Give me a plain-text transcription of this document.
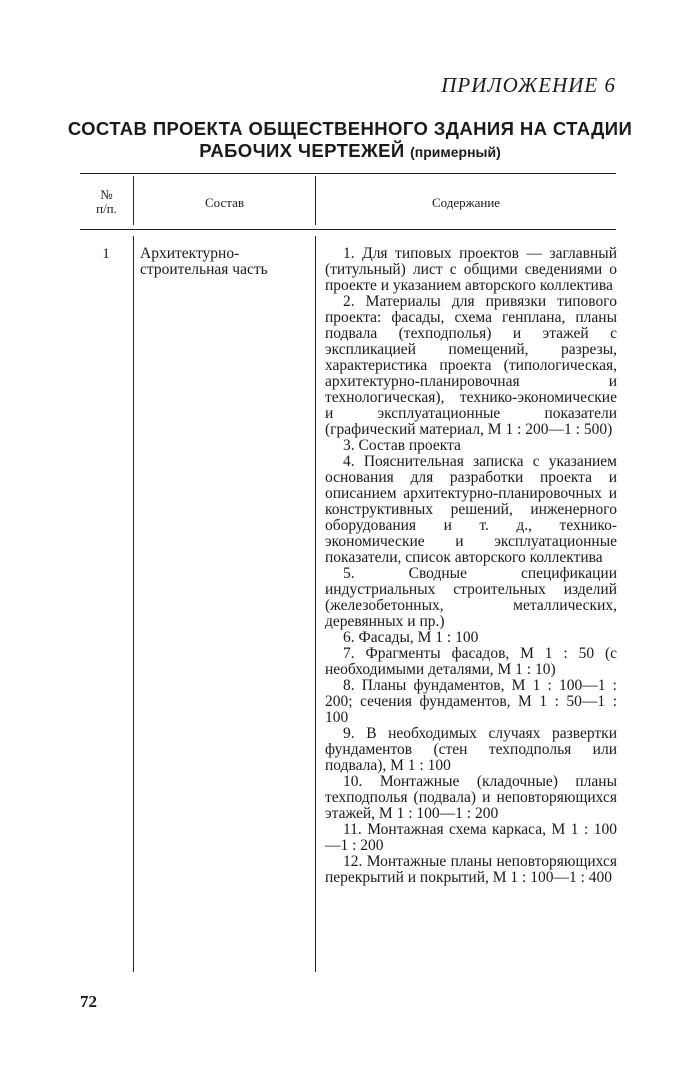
ПРИЛОЖЕНИЕ 6
СОСТАВ ПРОЕКТА ОБЩЕСТВЕННОГО ЗДАНИЯ НА СТАДИИ
РАБОЧИХ ЧЕРТЕЖЕЙ (примерный)
№
п/п.	Состав	Содержание
1	Архитектурно-строительная часть

1. Для типовых проектов — заглавный (титульный) лист с общими сведениями о проекте и указанием авторского коллектива

2. Материалы для привязки типового проекта: фасады, схема генплана, планы подвала (техподполья) и этажей с экспликацией помещений, разрезы, характеристика проекта (типологическая, архитектурно-планировочная и технологическая), технико-экономические и эксплуатационные показатели (графический материал, М 1 : 200—1 : 500)

3. Состав проекта

4. Пояснительная записка с указанием основания для разработки проекта и описанием архитектурно-планировочных и конструктивных решений, инженерного оборудования и т. д., технико-экономические и эксплуатационные показатели, список авторского коллектива

5. Сводные спецификации индустриальных строительных изделий (железобетонных, металлических, деревянных и пр.)

6. Фасады, М 1 : 100

7. Фрагменты фасадов, М 1 : 50 (с необходимыми деталями, М 1 : 10)

8. Планы фундаментов, М 1 : 100—1 : 200; сечения фундаментов, М 1 : 50—1 : 100

9. В необходимых случаях развертки фундаментов (стен техподполья или подвала), М 1 : 100

10. Монтажные (кладочные) планы техподполья (подвала) и неповторяющихся этажей, М 1 : 100—1 : 200

11. Монтажная схема каркаса, М 1 : 100—1 : 200

12. Монтажные планы неповторяющихся перекрытий и покрытий, М 1 : 100—1 : 400

72
